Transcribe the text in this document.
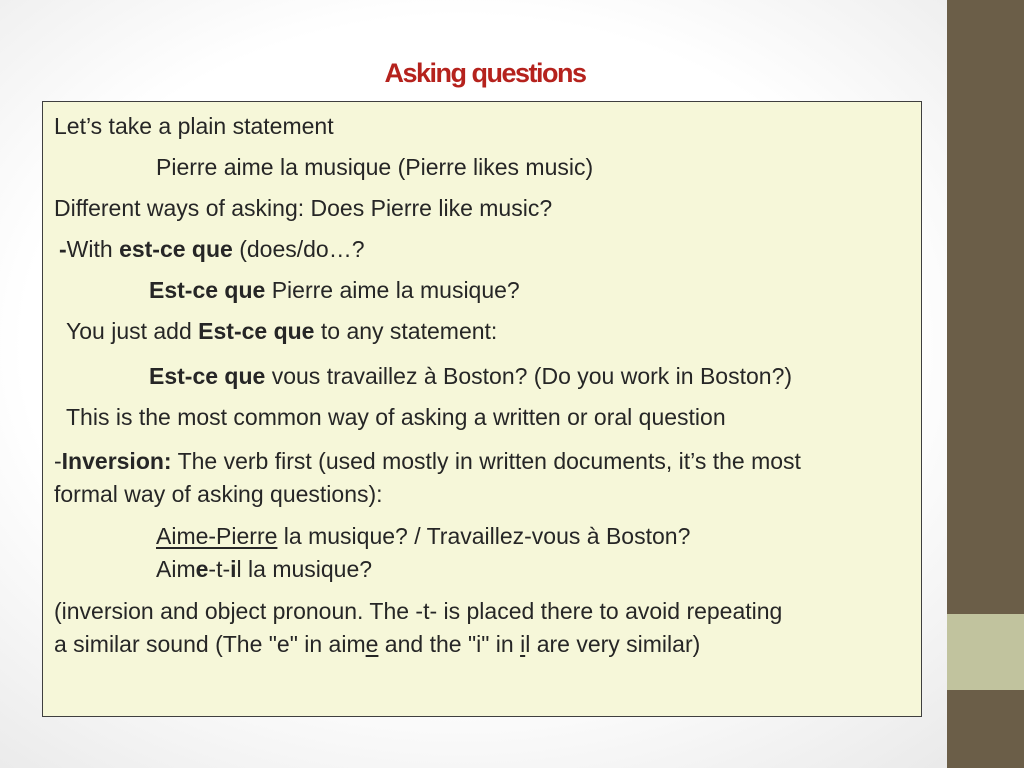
Asking questions
Let’s take a plain statement
Pierre aime la musique (Pierre likes music)
Different ways of asking: Does Pierre like music?
-With est-ce que (does/do…?
Est-ce que Pierre aime la musique?
You just add Est-ce que to any statement:
Est-ce que vous travaillez à Boston? (Do you work in Boston?)
This is the most common way of asking a written or oral question
-Inversion: The verb first (used mostly in written documents, it’s the most
formal way of asking questions):
Aime-Pierre la musique? / Travaillez-vous à Boston?
Aime-t-il la musique?
(inversion and object pronoun. The -t- is placed there to avoid repeating
a similar sound (The "e" in aime and the "i" in il are very similar)
